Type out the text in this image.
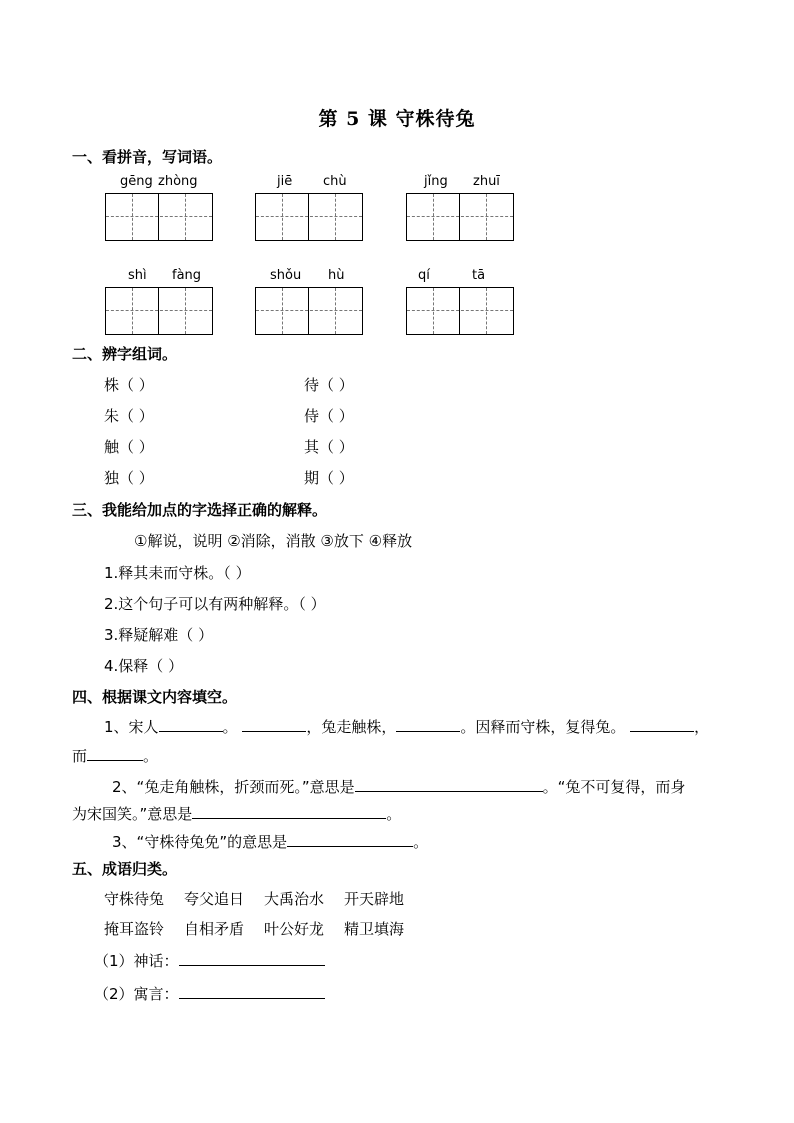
第 5 课 守株待兔
一、看拼音，写词语。
gēng zhòng	jiē chù	jǐng zhuī
shì fàng	shǒu hù	qí	tā
二、辨字组词。
株（ ）	待（ ）
朱（ ）	侍（ ）
触（ ）	其（ ）
独（ ）	期（ ）
三、我能给加点的字选择正确的解释。
①解说，说明 ②消除，消散 ③放下 ④释放
1.释其耒而守株。（ ）
2.这个句子可以有两种解释。（ ）
3.释疑解难（ ）
4.保释（ ）
四、根据课文内容填空。
1、宋人	。	，兔走触株，	。因释而守株，复得兔。	，
而	。
2、“兔走角触株，折颈而死。”意思是	。“兔不可复得，而身
为宋国笑。”意思是	。
3、“守株待兔免”的意思是	。
五、成语归类。
守株待兔 夸父追日 大禹治水 开天辟地
掩耳盗铃 自相矛盾 叶公好龙 精卫填海
（1）神话：
（2）寓言：
